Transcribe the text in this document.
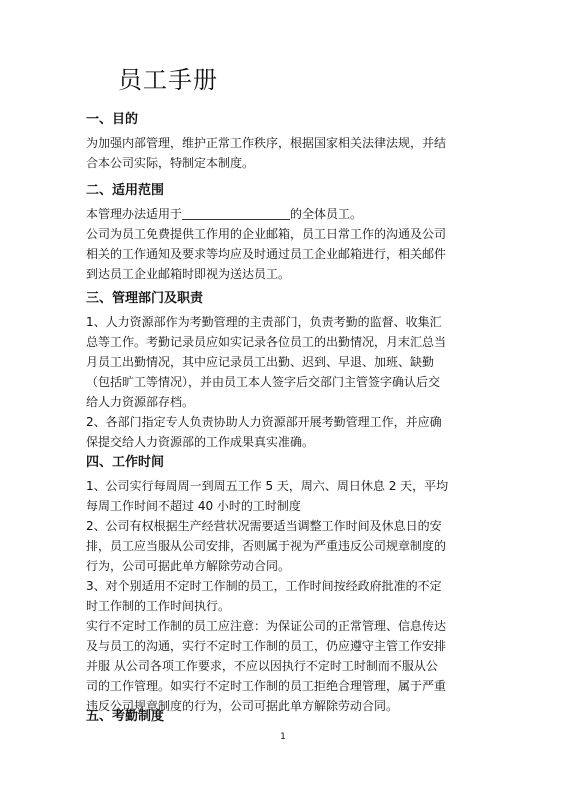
员工手册
一、目的
为加强内部管理，维护正常工作秩序，根据国家相关法律法规，并结
合本公司实际，特制定本制度。
二、适用范围
本管理办法适用于	的全体员工。
公司为员工免费提供工作用的企业邮箱，员工日常工作的沟通及公司
相关的工作通知及要求等均应及时通过员工企业邮箱进行，相关邮件
到达员工企业邮箱时即视为送达员工。
三、管理部门及职责
1、人力资源部作为考勤管理的主责部门，负责考勤的监督、收集汇
总等工作。考勤记录员应如实记录各位员工的出勤情况，月末汇总当
月员工出勤情况，其中应记录员工出勤、迟到、早退、加班、缺勤
（包括旷工等情况），并由员工本人签字后交部门主管签字确认后交
给人力资源部存档。
2、各部门指定专人负责协助人力资源部开展考勤管理工作，并应确
保提交给人力资源部的工作成果真实准确。
四、工作时间
1、公司实行每周周一到周五工作 5 天，周六、周日休息 2 天，平均
每周工作时间不超过 40 小时的工时制度
2、公司有权根据生产经营状况需要适当调整工作时间及休息日的安
排，员工应当服从公司安排，否则属于视为严重违反公司规章制度的
行为，公司可据此单方解除劳动合同。
3、对个别适用不定时工作制的员工，工作时间按经政府批准的不定
时工作制的工作时间执行。
实行不定时工作制的员工应注意：为保证公司的正常管理、信息传达
及与员工的沟通，实行不定时工作制的员工，仍应遵守主管工作安排
并服 从公司各项工作要求，不应以因执行不定时工时制而不服从公
司的工作管理。如实行不定时工作制的员工拒绝合理管理，属于严重
违反公司规章制度的行为，公司可据此单方解除劳动合同。
五、考勤制度
1
